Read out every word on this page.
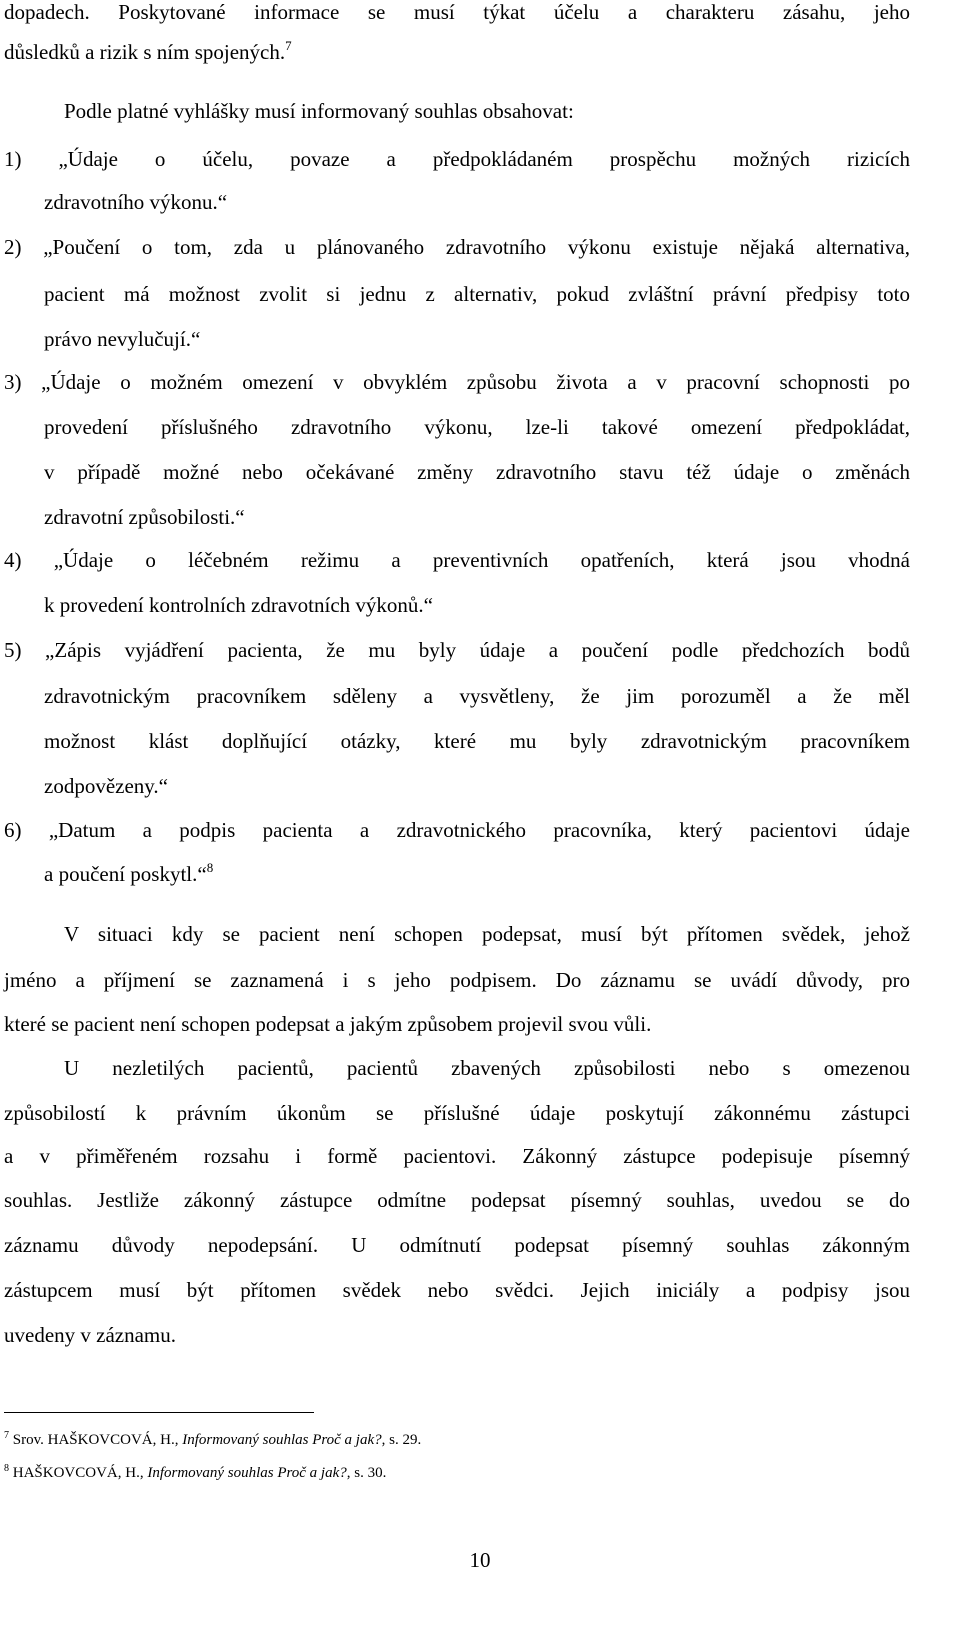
dopadech. Poskytované informace se musí týkat účelu a charakteru zásahu, jeho
důsledků a rizik s ním spojených.$^7$
Podle platné vyhlášky musí informovaný souhlas obsahovat:
1) „Údaje o účelu, povaze a předpokládaném prospěchu možných rizicích
zdravotního výkonu.“
2) „Poučení o tom, zda u plánovaného zdravotního výkonu existuje nějaká alternativa,
pacient má možnost zvolit si jednu z alternativ, pokud zvláštní právní předpisy toto
právo nevylučují.“
3) „Údaje o možném omezení v obvyklém způsobu života a v pracovní schopnosti po
provedení příslušného zdravotního výkonu, lze-li takové omezení předpokládat,
v případě možné nebo očekávané změny zdravotního stavu též údaje o změnách
zdravotní způsobilosti.“
4) „Údaje o léčebném režimu a preventivních opatřeních, která jsou vhodná
k provedení kontrolních zdravotních výkonů.“
5) „Zápis vyjádření pacienta, že mu byly údaje a poučení podle předchozích bodů
zdravotnickým pracovníkem sděleny a vysvětleny, že jim porozuměl a že měl
možnost klást doplňující otázky, které mu byly zdravotnickým pracovníkem
zodpovězeny.“
6) „Datum a podpis pacienta a zdravotnického pracovníka, který pacientovi údaje
a poučení poskytl.“$^8$
V situaci kdy se pacient není schopen podepsat, musí být přítomen svědek, jehož
jméno a příjmení se zaznamená i s jeho podpisem. Do záznamu se uvádí důvody, pro
které se pacient není schopen podepsat a jakým způsobem projevil svou vůli.
U nezletilých pacientů, pacientů zbavených způsobilosti nebo s omezenou
způsobilostí k právním úkonům se příslušné údaje poskytují zákonnému zástupci
a v přiměřeném rozsahu i formě pacientovi. Zákonný zástupce podepisuje písemný
souhlas. Jestliže zákonný zástupce odmítne podepsat písemný souhlas, uvedou se do
záznamu důvody nepodepsání. U odmítnutí podepsat písemný souhlas zákonným
zástupcem musí být přítomen svědek nebo svědci. Jejich iniciály a podpisy jsou
uvedeny v záznamu.
$^7$ Srov. HAŠKOVCOVÁ, H., Informovaný souhlas Proč a jak?, s. 29.
$^8$ HAŠKOVCOVÁ, H., Informovaný souhlas Proč a jak?, s. 30.
10
